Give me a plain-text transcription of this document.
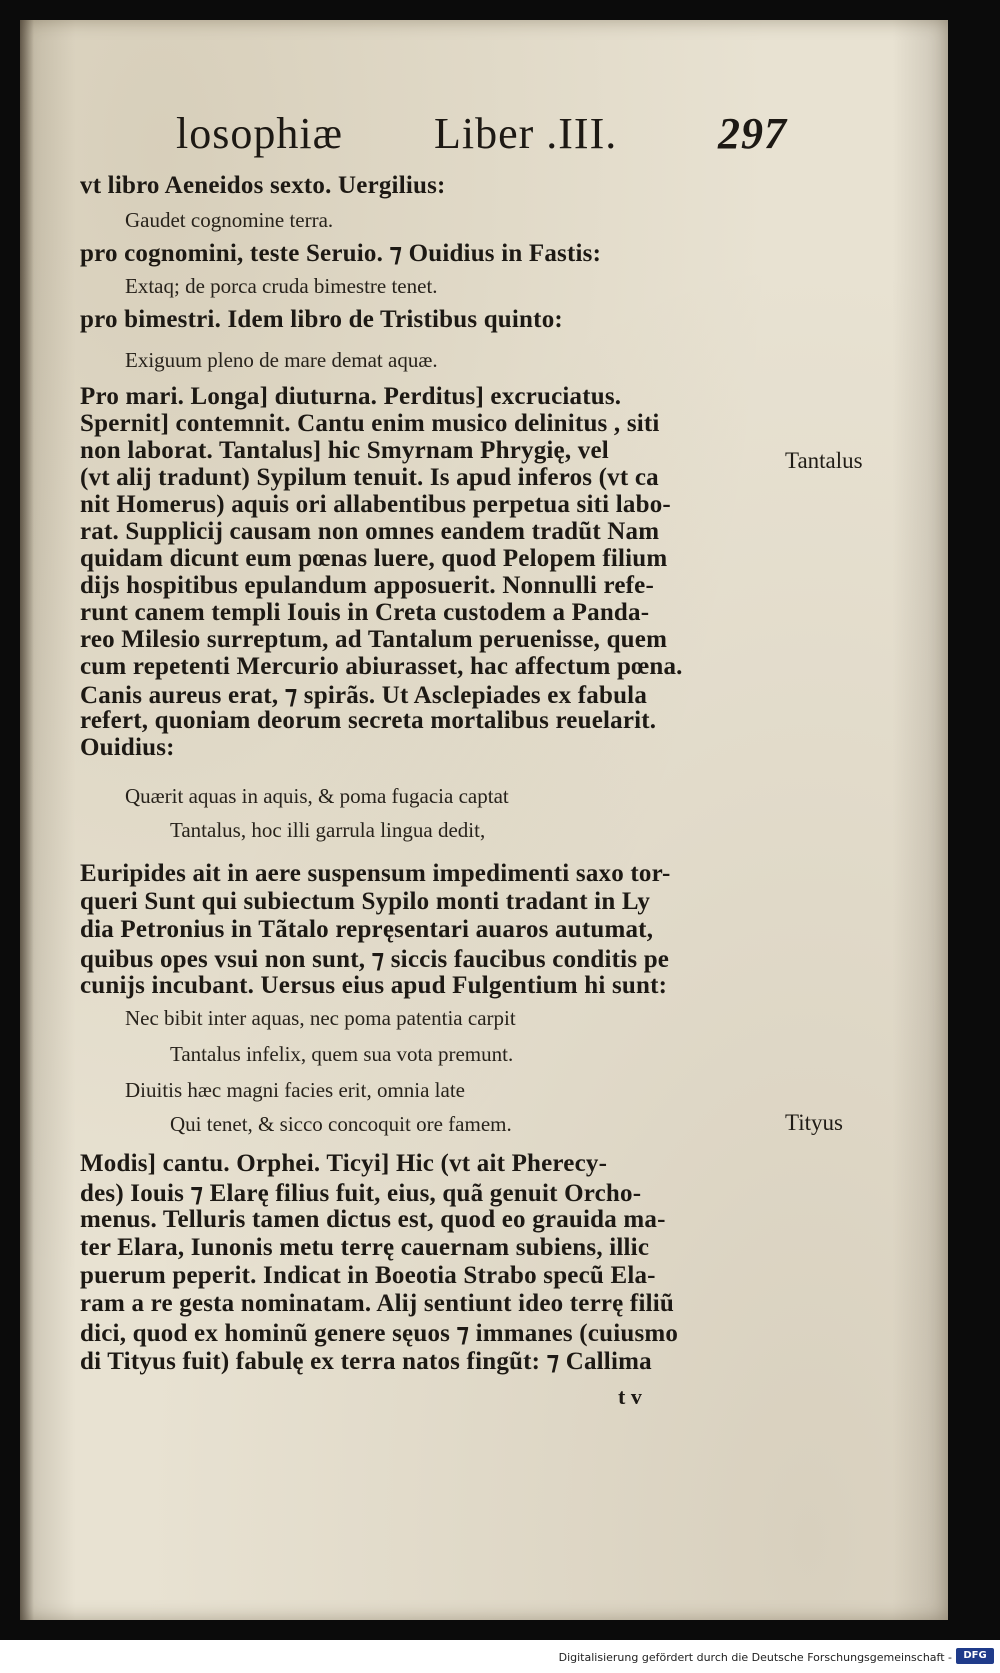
losophiæ Liber .III. 297
vt libro Aeneidos sexto. Uergilius:
Gaudet cognomine terra.
pro cognomini, teste Seruio. ⁊ Ouidius in Fastis:
Extaq; de porca cruda bimestre tenet.
pro bimestri. Idem libro de Tristibus quinto:
Exiguum pleno de mare demat aquæ.
Pro mari. Longa] diuturna. Perditus] excruciatus.
Spernit] contemnit. Cantu enim musico delinitus , siti
non laborat. Tantalus] hic Smyrnam Phrygię, vel
(vt alij tradunt) Sypilum tenuit. Is apud inferos (vt ca
nit Homerus) aquis ori allabentibus perpetua siti labo-
rat. Supplicij causam non omnes eandem tradũt Nam
quidam dicunt eum pœnas luere, quod Pelopem filium
dijs hospitibus epulandum apposuerit. Nonnulli refe-
runt canem templi Iouis in Creta custodem a Panda-
reo Milesio surreptum, ad Tantalum peruenisse, quem
cum repetenti Mercurio abiurasset, hac affectum pœna.
Canis aureus erat, ⁊ spirãs. Ut Asclepiades ex fabula
refert, quoniam deorum secreta mortalibus reuelarit.
Ouidius:
Quærit aquas in aquis, & poma fugacia captat
Tantalus, hoc illi garrula lingua dedit,
Euripides ait in aere suspensum impedimenti saxo tor-
queri Sunt qui subiectum Sypilo monti tradant in Ly
dia Petronius in Tãtalo repręsentari auaros autumat,
quibus opes vsui non sunt, ⁊ siccis faucibus conditis pe
cunijs incubant. Uersus eius apud Fulgentium hi sunt:
Nec bibit inter aquas, nec poma patentia carpit
Tantalus infelix, quem sua vota premunt.
Diuitis hæc magni facies erit, omnia late
Qui tenet, & sicco concoquit ore famem.
Modis] cantu. Orphei. Ticyi] Hic (vt ait Pherecy-
des) Iouis ⁊ Elarę filius fuit, eius, quã genuit Orcho-
menus. Telluris tamen dictus est, quod eo grauida ma-
ter Elara, Iunonis metu terrę cauernam subiens, illic
puerum peperit. Indicat in Boeotia Strabo specũ Ela-
ram a re gesta nominatam. Alij sentiunt ideo terrę filiũ
dici, quod ex hominũ genere sęuos ⁊ immanes (cuiusmo
di Tityus fuit) fabulę ex terra natos fingũt: ⁊ Callima
Tantalus
Tityus
t v
Digitalisierung gefördert durch die Deutsche Forschungsgemeinschaft -	DFG
